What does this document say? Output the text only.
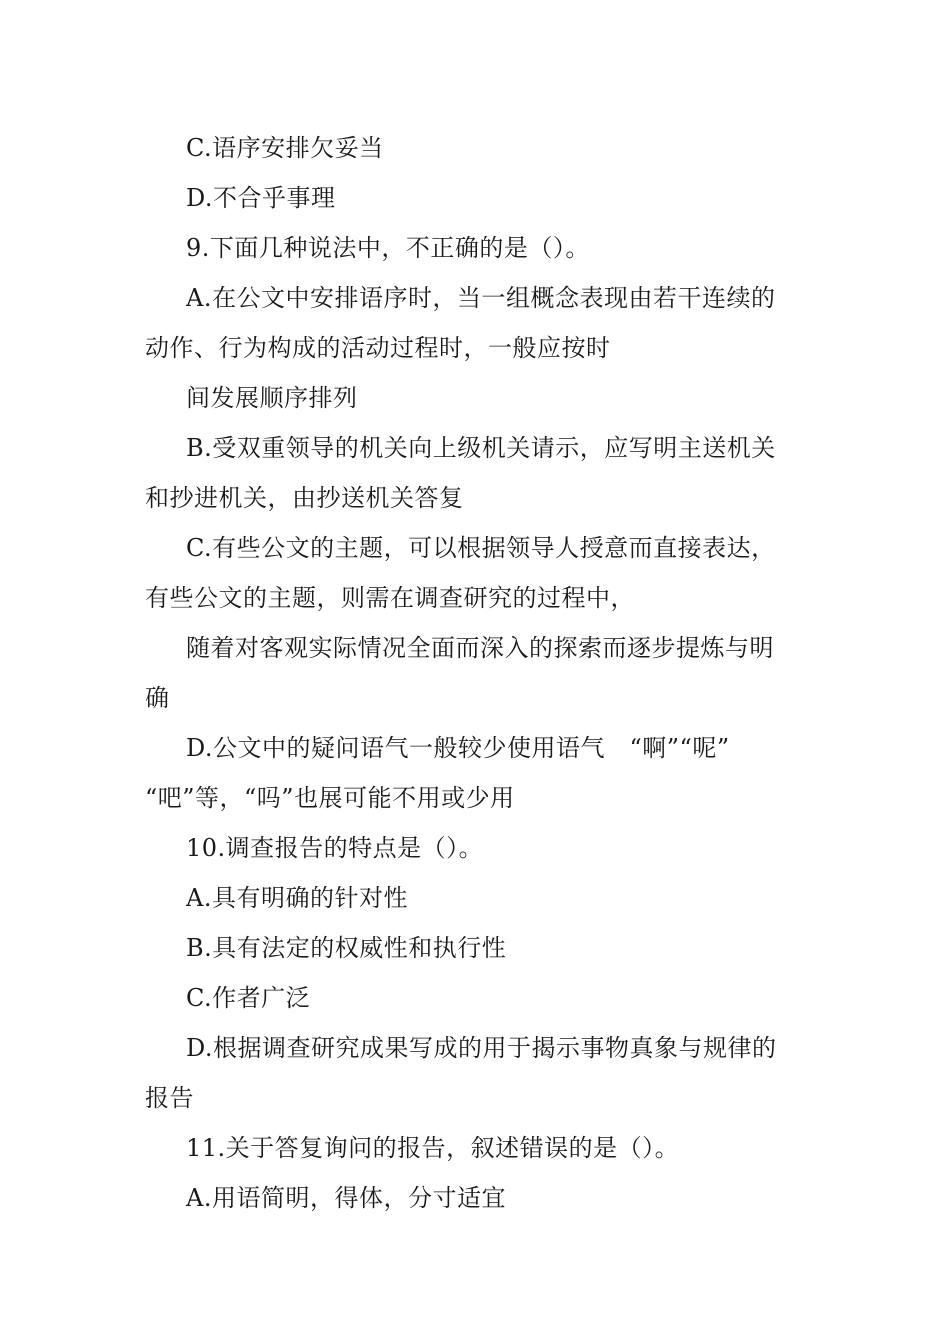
C.语序安排欠妥当
D.不合乎事理
9.下面几种说法中，不正确的是（）。
A.在公文中安排语序时，当一组概念表现由若干连续的
动作、行为构成的活动过程时，一般应按时
间发展顺序排列
B.受双重领导的机关向上级机关请示，应写明主送机关
和抄进机关，由抄送机关答复
C.有些公文的主题，可以根据领导人授意而直接表达，
有些公文的主题，则需在调查研究的过程中，
随着对客观实际情况全面而深入的探索而逐步提炼与明
确
D.公文中的疑问语气一般较少使用语气　“啊”“呢”
“吧”等，“吗”也展可能不用或少用
10.调查报告的特点是（）。
A.具有明确的针对性
B.具有法定的权威性和执行性
C.作者广泛
D.根据调查研究成果写成的用于揭示事物真象与规律的
报告
11.关于答复询问的报告，叙述错误的是（）。
A.用语简明，得体，分寸适宜
